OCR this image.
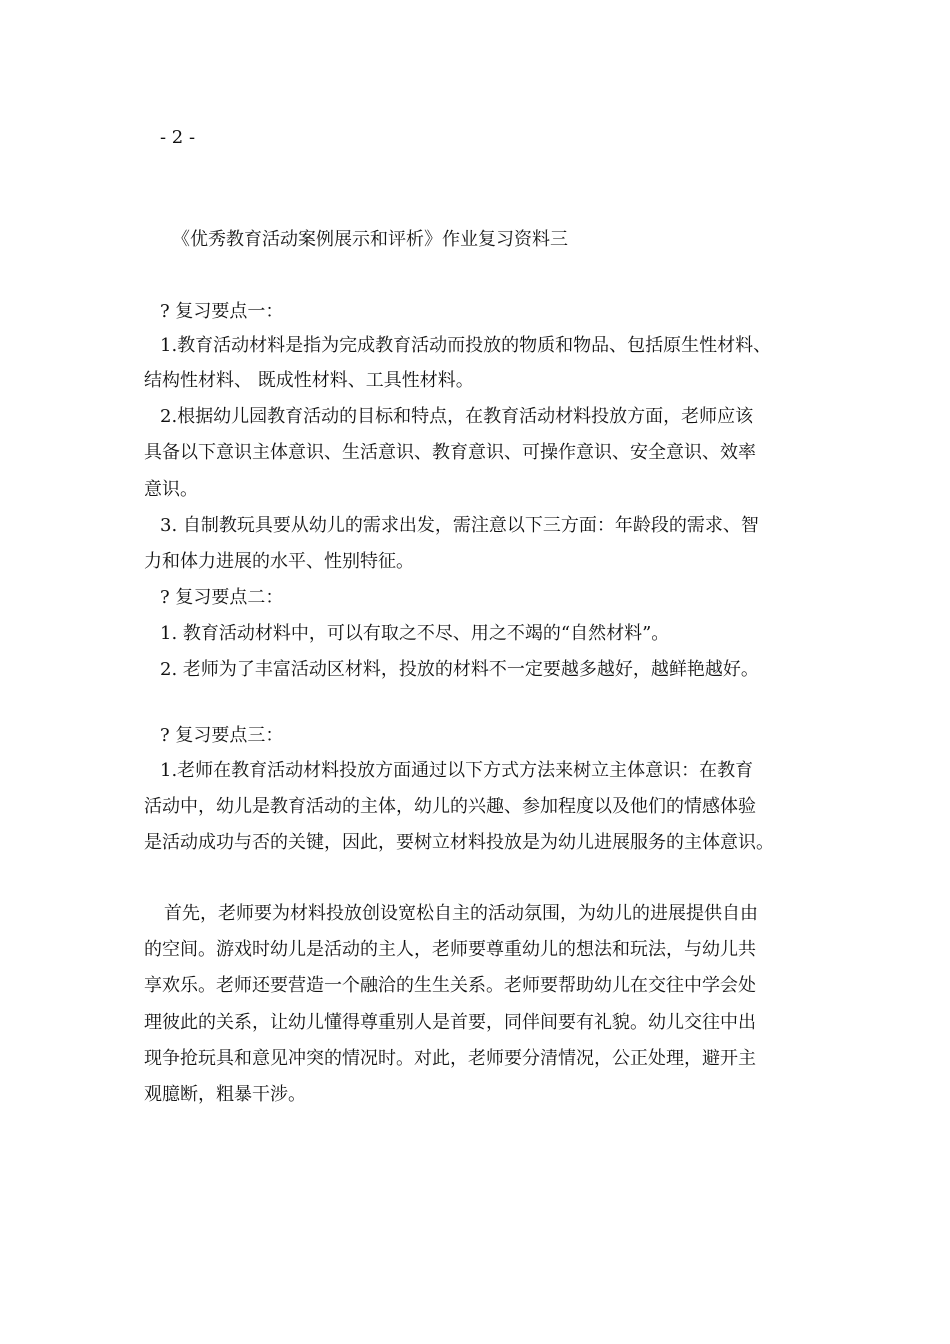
- 2 -
《优秀教育活动案例展示和评析》作业复习资料三
? 复习要点一：
1.教育活动材料是指为完成教育活动而投放的物质和物品、包括原生性材料、
结构性材料、 既成性材料、工具性材料。
2.根据幼儿园教育活动的目标和特点，在教育活动材料投放方面，老师应该
具备以下意识主体意识、生活意识、教育意识、可操作意识、安全意识、效率
意识。
3. 自制教玩具要从幼儿的需求出发，需注意以下三方面：年龄段的需求、智
力和体力进展的水平、性别特征。
? 复习要点二：
1. 教育活动材料中，可以有取之不尽、用之不竭的“自然材料”。
2. 老师为了丰富活动区材料，投放的材料不一定要越多越好，越鲜艳越好。
? 复习要点三：
1.老师在教育活动材料投放方面通过以下方式方法来树立主体意识：在教育
活动中，幼儿是教育活动的主体，幼儿的兴趣、参加程度以及他们的情感体验
是活动成功与否的关键，因此，要树立材料投放是为幼儿进展服务的主体意识。
首先，老师要为材料投放创设宽松自主的活动氛围，为幼儿的进展提供自由
的空间。游戏时幼儿是活动的主人，老师要尊重幼儿的想法和玩法，与幼儿共
享欢乐。老师还要营造一个融洽的生生关系。老师要帮助幼儿在交往中学会处
理彼此的关系，让幼儿懂得尊重别人是首要，同伴间要有礼貌。幼儿交往中出
现争抢玩具和意见冲突的情况时。对此，老师要分清情况，公正处理，避开主
观臆断，粗暴干涉。
